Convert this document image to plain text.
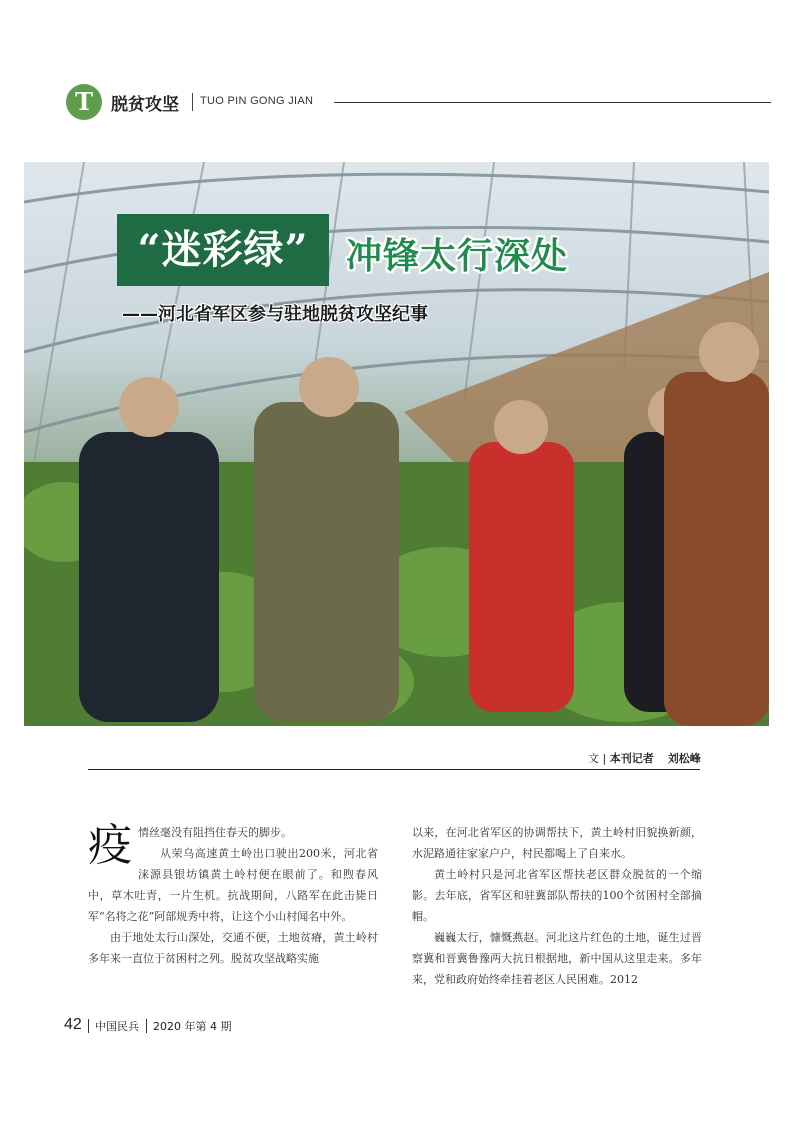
T	脱贫攻坚 TUO PIN GONG JIAN
“迷彩绿”	冲锋太行深处
——河北省军区参与驻地脱贫攻坚纪事
文 | 本刊记者 刘松峰
疫 情丝毫没有阻挡住春天的脚步。

从荣乌高速黄土岭出口驶出200米，河北省涞源县银坊镇黄土岭村便在眼前了。和煦春风中，草木吐青，一片生机。抗战期间，八路军在此击毙日军“名将之花”阿部规秀中将，让这个小山村闻名中外。

由于地处太行山深处，交通不便，土地贫瘠，黄土岭村多年来一直位于贫困村之列。脱贫攻坚战略实施

以来，在河北省军区的协调帮扶下，黄土岭村旧貌换新颜，水泥路通往家家户户，村民都喝上了自来水。

黄土岭村只是河北省军区帮扶老区群众脱贫的一个缩影。去年底，省军区和驻冀部队帮扶的100个贫困村全部摘帽。

巍巍太行，慷慨燕赵。河北这片红色的土地，诞生过晋察冀和晋冀鲁豫两大抗日根据地，新中国从这里走来。多年来，党和政府始终牵挂着老区人民困难。2012

42 中国民兵 2020 年第 4 期
